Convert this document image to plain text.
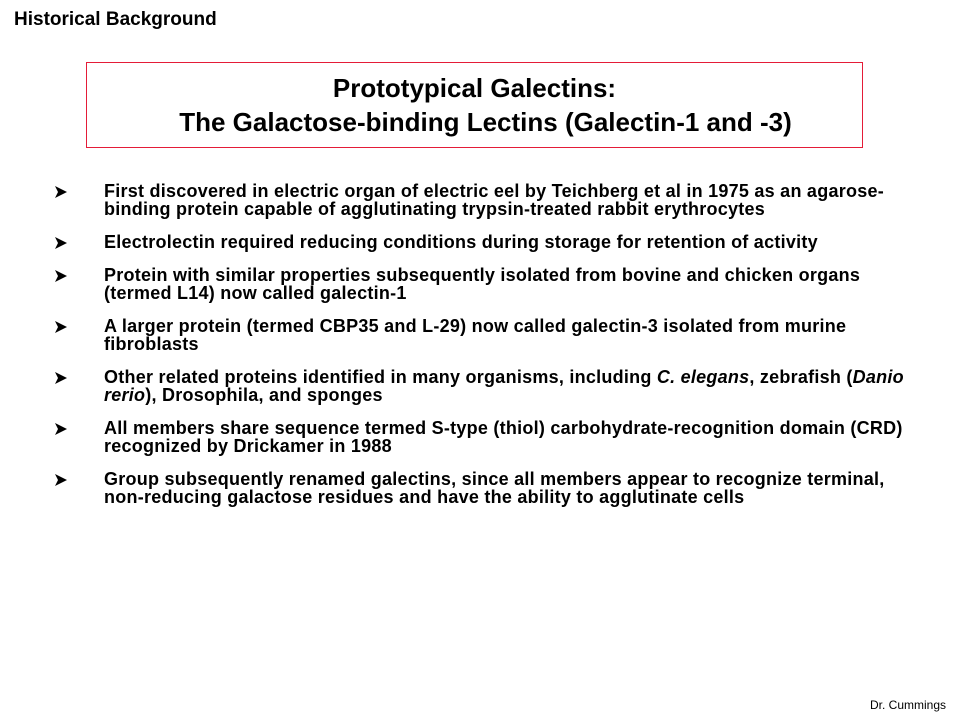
Historical Background
Prototypical Galectins:
The Galactose-binding Lectins (Galectin-1 and -3)
First discovered in electric organ of electric eel by Teichberg et al in 1975 as an agarose-binding protein capable of agglutinating trypsin-treated rabbit erythrocytes
Electrolectin required reducing conditions during storage for retention of activity
Protein with similar properties subsequently isolated from bovine and chicken organs (termed L14) now called galectin-1
A larger protein (termed CBP35 and L-29) now called galectin-3 isolated from murine fibroblasts
Other related proteins identified in many organisms, including C. elegans, zebrafish (Danio rerio), Drosophila, and sponges
All members share sequence termed S-type (thiol) carbohydrate-recognition domain (CRD) recognized by Drickamer in 1988
Group subsequently renamed galectins, since all members appear to recognize terminal, non-reducing galactose residues and have the ability to agglutinate cells
Dr. Cummings
